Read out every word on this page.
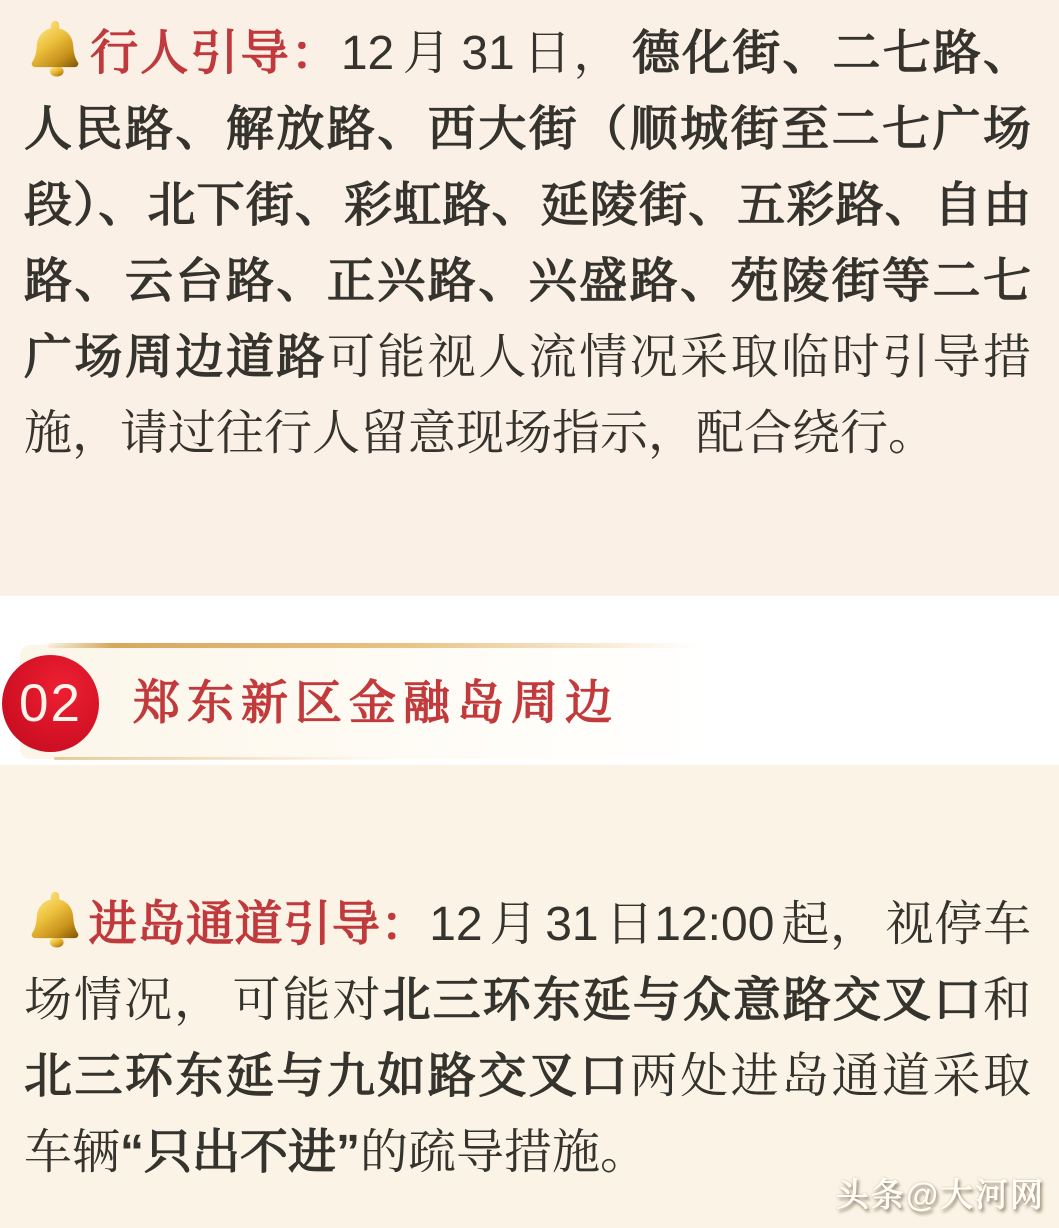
行人引导：12 月 31 日， 德化街、二七路、人民路、解放路、西大街（顺城街至二七广场段）、北下街、彩虹路、延陵街、五彩路、自由路、云台路、正兴路、兴盛路、苑陵街等二七广场周边道路可能视人流情况采取临时引导措施，请过往行人留意现场指示，配合绕行。

02 郑东新区金融岛周边

进岛通道引导：12 月 31 日12:00 起， 视停车场情况， 可能对北三环东延与众意路交叉口和北三环东延与九如路交叉口两处进岛通道采取车辆“只出不进”的疏导措施。

头条@大河网
